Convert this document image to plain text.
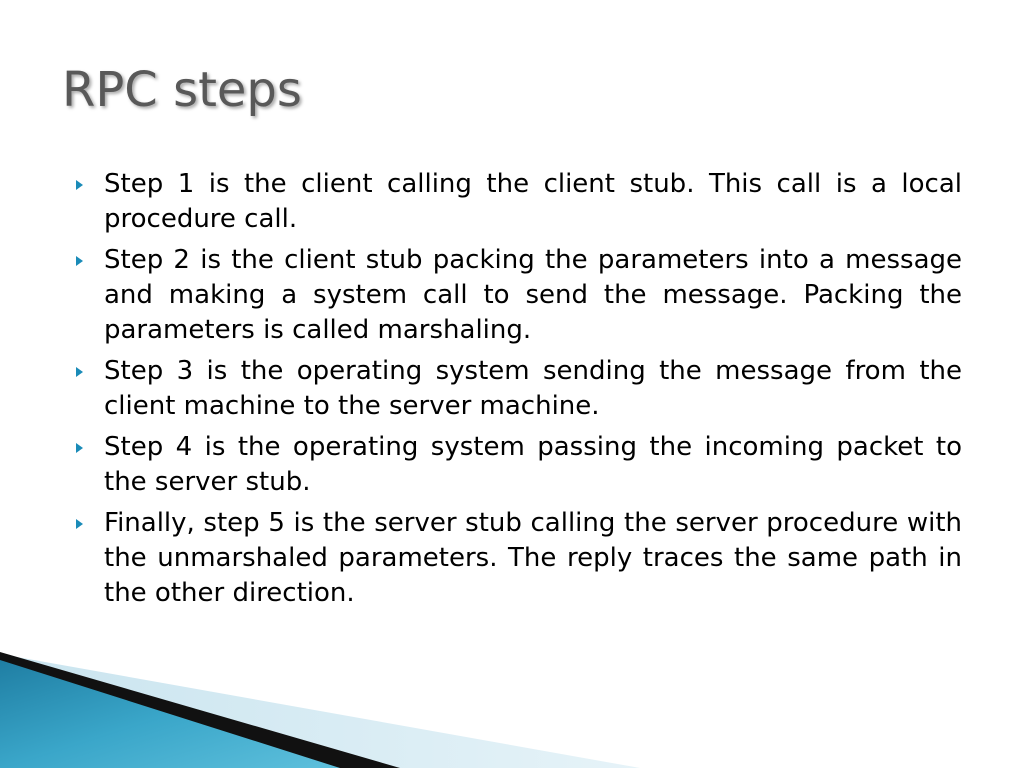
RPC steps
Step 1 is the client calling the client stub. This call is a local procedure call.
Step 2 is the client stub packing the parameters into a message and making a system call to send the message. Packing the parameters is called marshaling.
Step 3 is the operating system sending the message from the client machine to the server machine.
Step 4 is the operating system passing the incoming packet to the server stub.
Finally, step 5 is the server stub calling the server procedure with the unmarshaled parameters. The reply traces the same path in the other direction.
